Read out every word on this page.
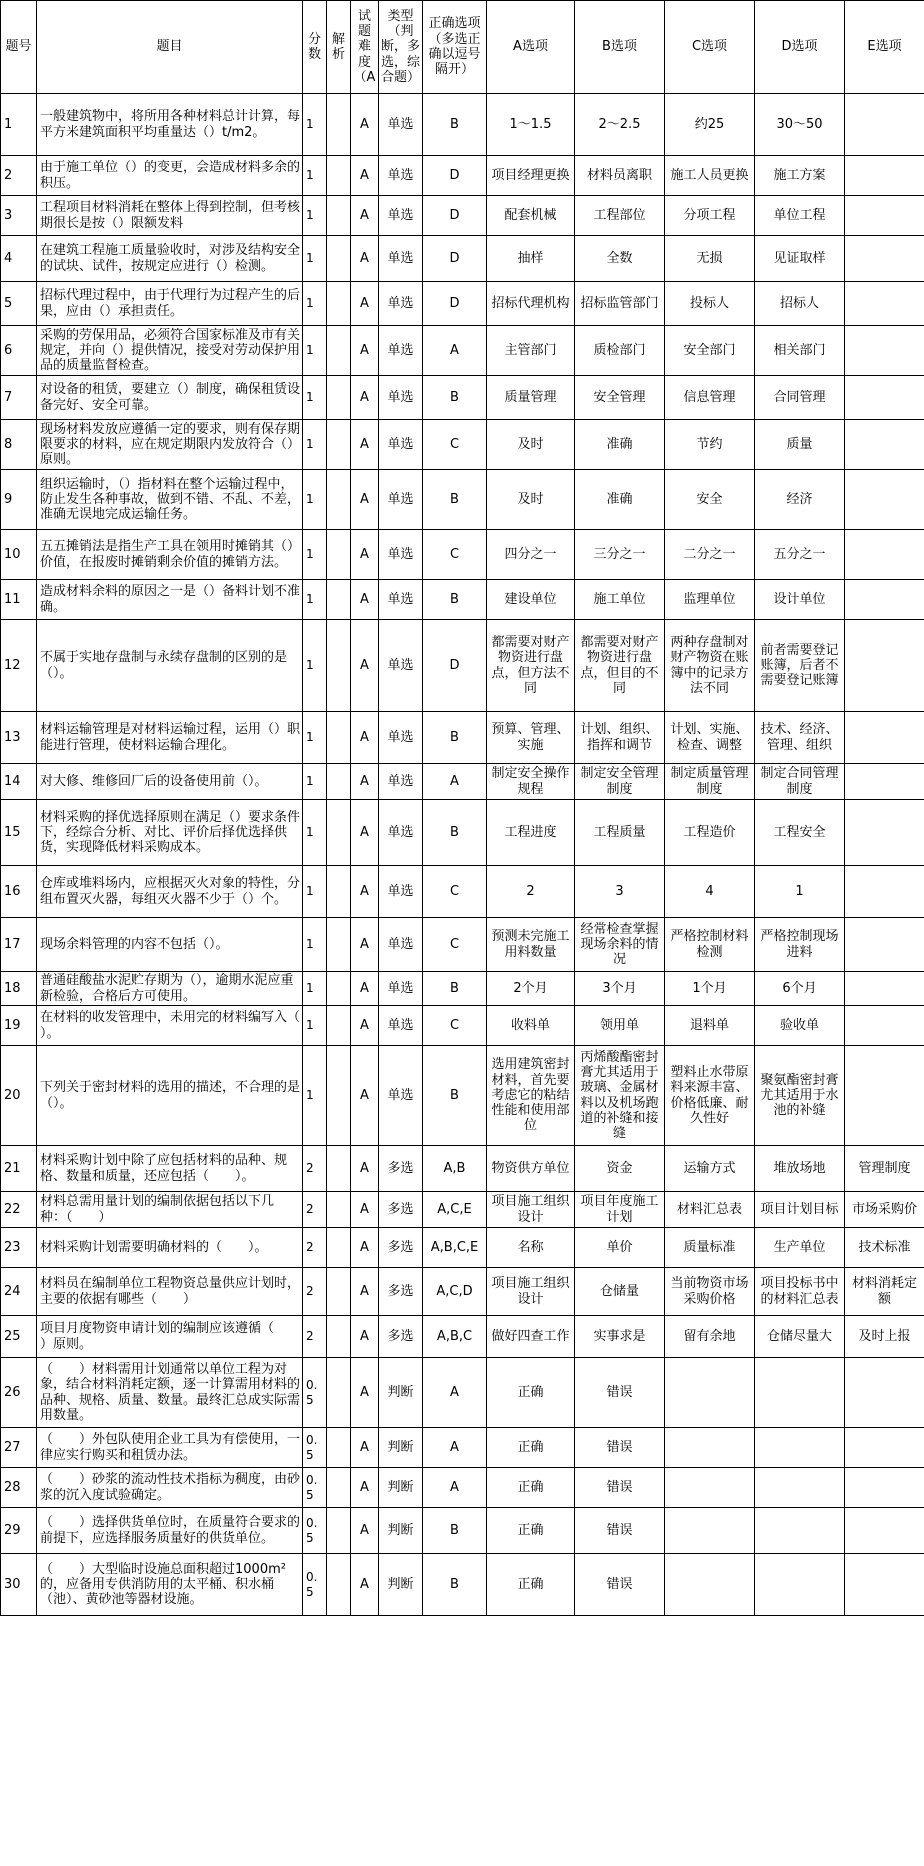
题号	题目	分数	解析	试题难度（A	类型（判断，多选，综合题）	正确选项（多选正确以逗号隔开）	A选项	B选项	C选项	D选项	E选项
1	一般建筑物中，将所用各种材料总计计算，每平方米建筑面积平均重量达（）t/m2。	1		A	单选	B	1～1.5	2～2.5	约25	30～50	
2	由于施工单位（）的变更，会造成材料多余的积压。	1		A	单选	D	项目经理更换	材料员离职	施工人员更换	施工方案	
3	工程项目材料消耗在整体上得到控制，但考核期很长是按（）限额发料	1		A	单选	D	配套机械	工程部位	分项工程	单位工程	
4	在建筑工程施工质量验收时，对涉及结构安全的试块、试件，按规定应进行（）检测。	1		A	单选	D	抽样	全数	无损	见证取样	
5	招标代理过程中，由于代理行为过程产生的后果，应由（）承担责任。	1		A	单选	D	招标代理机构	招标监管部门	投标人	招标人	
6	采购的劳保用品，必须符合国家标准及市有关规定，并向（）提供情况，接受对劳动保护用品的质量监督检查。	1		A	单选	A	主管部门	质检部门	安全部门	相关部门	
7	对设备的租赁，要建立（）制度，确保租赁设备完好、安全可靠。	1		A	单选	B	质量管理	安全管理	信息管理	合同管理	
8	现场材料发放应遵循一定的要求，则有保存期限要求的材料，应在规定期限内发放符合（）原则。	1		A	单选	C	及时	准确	节约	质量	
9	组织运输时，（）指材料在整个运输过程中，防止发生各种事故，做到不错、不乱、不差，准确无误地完成运输任务。	1		A	单选	B	及时	准确	安全	经济	
10	五五摊销法是指生产工具在领用时摊销其（）价值，在报废时摊销剩余价值的摊销方法。	1		A	单选	C	四分之一	三分之一	二分之一	五分之一	
11	造成材料余料的原因之一是（）备料计划不准确。	1		A	单选	B	建设单位	施工单位	监理单位	设计单位	
12	不属于实地存盘制与永续存盘制的区别的是（）。	1		A	单选	D	都需要对财产物资进行盘点，但方法不同	都需要对财产物资进行盘点，但目的不同	两种存盘制对财产物资在账簿中的记录方法不同	前者需要登记账簿，后者不需要登记账簿	
13	材料运输管理是对材料运输过程，运用（）职能进行管理，使材料运输合理化。	1		A	单选	B	预算、管理、实施	计划、组织、指挥和调节	计划、实施、检查、调整	技术、经济、管理、组织	
14	对大修、维修回厂后的设备使用前（）。	1		A	单选	A	制定安全操作规程	制定安全管理制度	制定质量管理制度	制定合同管理制度	
15	材料采购的择优选择原则在满足（）要求条件下，经综合分析、对比、评价后择优选择供货，实现降低材料采购成本。	1		A	单选	B	工程进度	工程质量	工程造价	工程安全	
16	仓库或堆料场内，应根据灭火对象的特性，分组布置灭火器，每组灭火器不少于（）个。	1		A	单选	C	2	3	4	1	
17	现场余料管理的内容不包括（）。	1		A	单选	C	预测未完施工用料数量	经常检查掌握现场余料的情况	严格控制材料检测	严格控制现场进料	
18	普通硅酸盐水泥贮存期为（），逾期水泥应重新检验，合格后方可使用。	1		A	单选	B	2个月	3个月	1个月	6个月	
19	在材料的收发管理中，未用完的材料编写入（　　）。	1		A	单选	C	收料单	领用单	退料单	验收单	
20	下列关于密封材料的选用的描述，不合理的是（）。	1		A	单选	B	选用建筑密封材料，首先要考虑它的粘结性能和使用部位	丙烯酸酯密封膏尤其适用于玻璃、金属材料以及机场跑道的补缝和接缝	塑料止水带原料来源丰富、价格低廉、耐久性好	聚氨酯密封膏尤其适用于水池的补缝	
21	材料采购计划中除了应包括材料的品种、规格、数量和质量，还应包括（　　）。	2		A	多选	A,B	物资供方单位	资金	运输方式	堆放场地	管理制度
22	材料总需用量计划的编制依据包括以下几种：（　　）	2		A	多选	A,C,E	项目施工组织设计	项目年度施工计划	材料汇总表	项目计划目标	市场采购价
23	材料采购计划需要明确材料的（　　）。	2		A	多选	A,B,C,E	名称	单价	质量标准	生产单位	技术标准
24	材料员在编制单位工程物资总量供应计划时，主要的依据有哪些（　　）	2		A	多选	A,C,D	项目施工组织设计	仓储量	当前物资市场采购价格	项目投标书中的材料汇总表	材料消耗定额
25	项目月度物资申请计划的编制应该遵循（　　）原则。	2		A	多选	A,B,C	做好四查工作	实事求是	留有余地	仓储尽量大	及时上报
26	（　　）材料需用计划通常以单位工程为对象，结合材料消耗定额，逐一计算需用材料的品种、规格、质量、数量。最终汇总成实际需用数量。	0.5		A	判断	A	正确	错误			
27	（　　）外包队使用企业工具为有偿使用，一律应实行购买和租赁办法。	0.5		A	判断	A	正确	错误			
28	（　　）砂浆的流动性技术指标为稠度，由砂浆的沉入度试验确定。	0.5		A	判断	A	正确	错误			
29	（　　）选择供货单位时，在质量符合要求的前提下，应选择服务质量好的供货单位。	0.5		A	判断	B	正确	错误			
30	（　　）大型临时设施总面积超过1000m²的，应备用专供消防用的太平桶、积水桶（池）、黄砂池等器材设施。	0.5		A	判断	B	正确	错误			
